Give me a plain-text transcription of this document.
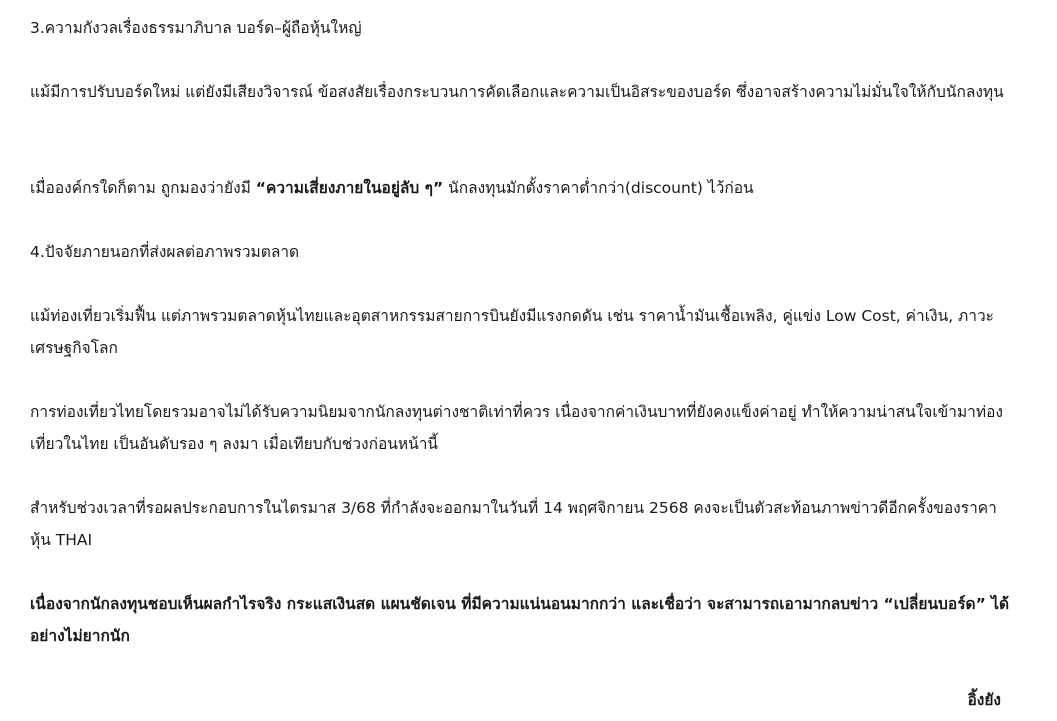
3.ความกังวลเรื่องธรรมาภิบาล บอร์ด–ผู้ถือหุ้นใหญ่

แม้มีการปรับบอร์ดใหม่ แต่ยังมีเสียงวิจารณ์ ข้อสงสัยเรื่องกระบวนการคัดเลือกและความเป็นอิสระของบอร์ด ซึ่งอาจสร้างความไม่มั่นใจให้กับนักลงทุน

เมื่อองค์กรใดก็ตาม ถูกมองว่ายังมี “ความเสี่ยงภายในอยู่ลับ ๆ” นักลงทุนมักตั้งราคาต่ำกว่า(discount) ไว้ก่อน

4.ปัจจัยภายนอกที่ส่งผลต่อภาพรวมตลาด

แม้ท่องเที่ยวเริ่มฟื้น แต่ภาพรวมตลาดหุ้นไทยและอุตสาหกรรมสายการบินยังมีแรงกดดัน เช่น ราคาน้ำมันเชื้อเพลิง, คู่แข่ง Low Cost, ค่าเงิน, ภาวะเศรษฐกิจโลก

การท่องเที่ยวไทยโดยรวมอาจไม่ได้รับความนิยมจากนักลงทุนต่างชาติเท่าที่ควร เนื่องจากค่าเงินบาทที่ยังคงแข็งค่าอยู่ ทำให้ความน่าสนใจเข้ามาท่องเที่ยวในไทย เป็นอันดับรอง ๆ ลงมา เมื่อเทียบกับช่วงก่อนหน้านี้

สำหรับช่วงเวลาที่รอผลประกอบการในไตรมาส 3/68 ที่กำลังจะออกมาในวันที่ 14 พฤศจิกายน 2568 คงจะเป็นตัวสะท้อนภาพข่าวดีอีกครั้งของราคาหุ้น THAI

เนื่องจากนักลงทุนชอบเห็นผลกำไรจริง กระแสเงินสด แผนชัดเจน ที่มีความแน่นอนมากกว่า และเชื่อว่า จะสามารถเอามากลบข่าว “เปลี่ยนบอร์ด” ได้อย่างไม่ยากนัก

อิ้งยัง
